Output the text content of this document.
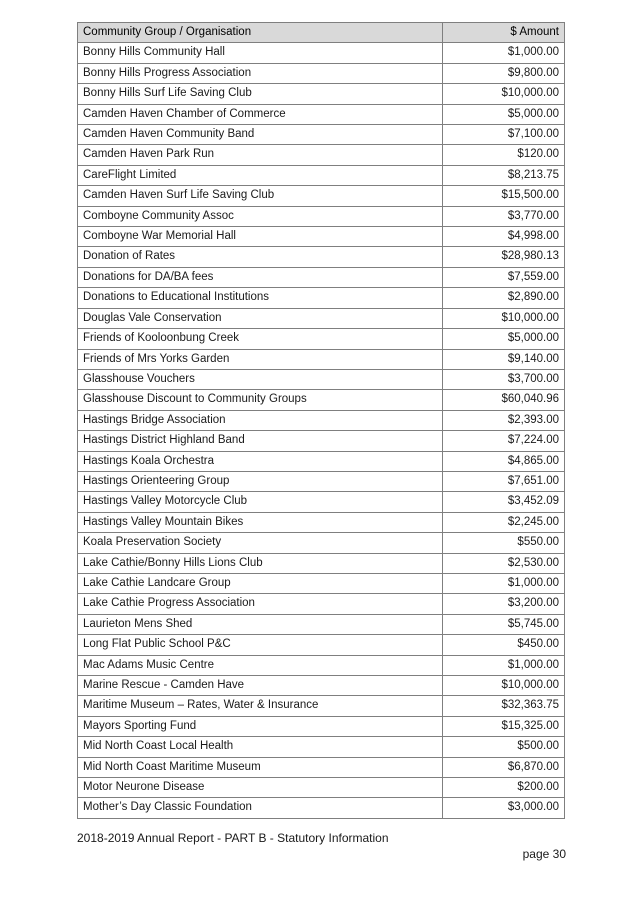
Community Group / Organisation	$ Amount
Bonny Hills Community Hall	$1,000.00
Bonny Hills Progress Association	$9,800.00
Bonny Hills Surf Life Saving Club	$10,000.00
Camden Haven Chamber of Commerce	$5,000.00
Camden Haven Community Band	$7,100.00
Camden Haven Park Run	$120.00
CareFlight Limited	$8,213.75
Camden Haven Surf Life Saving Club	$15,500.00
Comboyne Community Assoc	$3,770.00
Comboyne War Memorial Hall	$4,998.00
Donation of Rates	$28,980.13
Donations for DA/BA fees	$7,559.00
Donations to Educational Institutions	$2,890.00
Douglas Vale Conservation	$10,000.00
Friends of Kooloonbung Creek	$5,000.00
Friends of Mrs Yorks Garden	$9,140.00
Glasshouse Vouchers	$3,700.00
Glasshouse Discount to Community Groups	$60,040.96
Hastings Bridge Association	$2,393.00
Hastings District Highland Band	$7,224.00
Hastings Koala Orchestra	$4,865.00
Hastings Orienteering Group	$7,651.00
Hastings Valley Motorcycle Club	$3,452.09
Hastings Valley Mountain Bikes	$2,245.00
Koala Preservation Society	$550.00
Lake Cathie/Bonny Hills Lions Club	$2,530.00
Lake Cathie Landcare Group	$1,000.00
Lake Cathie Progress Association	$3,200.00
Laurieton Mens Shed	$5,745.00
Long Flat Public School P&C	$450.00
Mac Adams Music Centre	$1,000.00
Marine Rescue - Camden Have	$10,000.00
Maritime Museum – Rates, Water & Insurance	$32,363.75
Mayors Sporting Fund	$15,325.00
Mid North Coast Local Health	$500.00
Mid North Coast Maritime Museum	$6,870.00
Motor Neurone Disease	$200.00
Mother’s Day Classic Foundation	$3,000.00
2018-2019 Annual Report - PART B - Statutory Information
page 30
